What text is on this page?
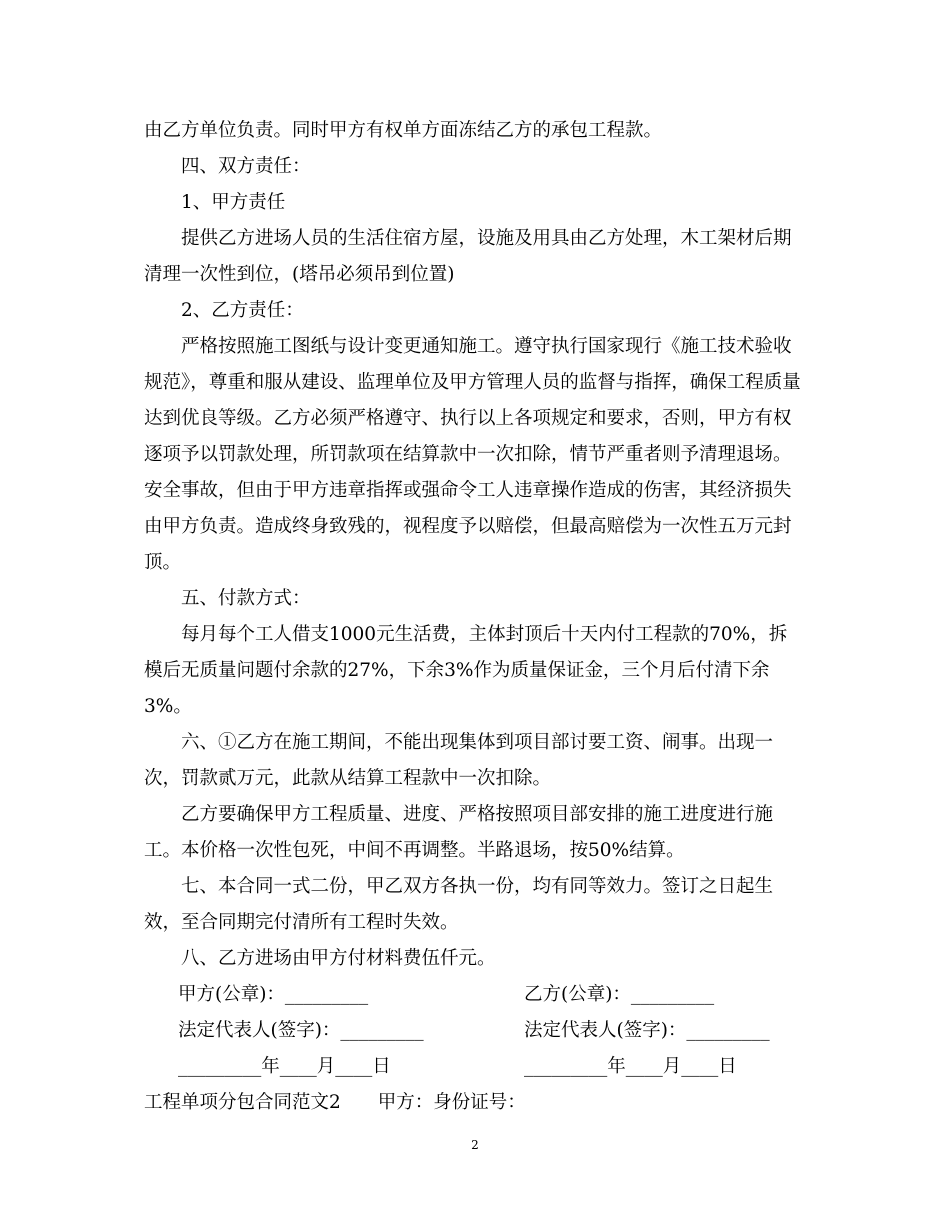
由乙方单位负责。同时甲方有权单方面冻结乙方的承包工程款。

四、双方责任：

1、甲方责任

提供乙方进场人员的生活住宿方屋，设施及用具由乙方处理，木工架材后期清理一次性到位，(塔吊必须吊到位置)

2、乙方责任：

严格按照施工图纸与设计变更通知施工。遵守执行国家现行《施工技术验收规范》，尊重和服从建设、监理单位及甲方管理人员的监督与指挥，确保工程质量达到优良等级。乙方必须严格遵守、执行以上各项规定和要求，否则，甲方有权逐项予以罚款处理，所罚款项在结算款中一次扣除，情节严重者则予清理退场。安全事故，但由于甲方违章指挥或强命令工人违章操作造成的伤害，其经济损失由甲方负责。造成终身致残的，视程度予以赔偿，但最高赔偿为一次性五万元封顶。

五、付款方式：

每月每个工人借支1000元生活费，主体封顶后十天内付工程款的70%，拆模后无质量问题付余款的27%，下余3%作为质量保证金，三个月后付清下余3%。

六、①乙方在施工期间，不能出现集体到项目部讨要工资、闹事。出现一次，罚款贰万元，此款从结算工程款中一次扣除。

乙方要确保甲方工程质量、进度、严格按照项目部安排的施工进度进行施工。本价格一次性包死，中间不再调整。半路退场，按50%结算。

七、本合同一式二份，甲乙双方各执一份，均有同等效力。签订之日起生效，至合同期完付清所有工程时失效。

八、乙方进场由甲方付材料费伍仟元。

甲方(公章)：_________	乙方(公章)：_________
法定代表人(签字)：_________	法定代表人(签字)：_________
_________年____月____日	_________年____月____日

工程单项分包合同范文2　　甲方：身份证号：

2
